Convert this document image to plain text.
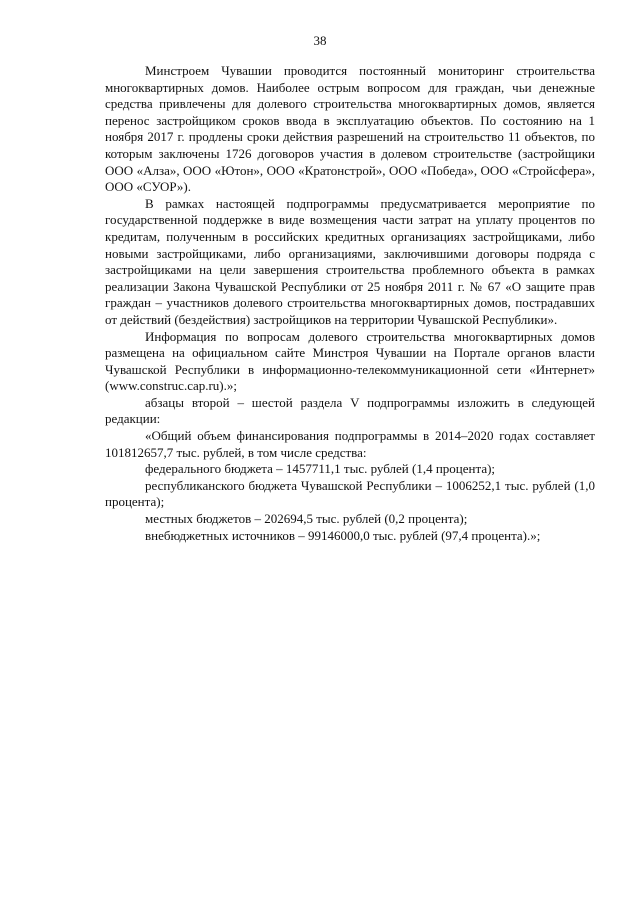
38

Минстроем Чувашии проводится постоянный мониторинг строительства многоквартирных домов. Наиболее острым вопросом для граждан, чьи денежные средства привлечены для долевого строительства многоквартирных домов, является перенос застройщиком сроков ввода в эксплуатацию объектов. По состоянию на 1 ноября 2017 г. продлены сроки действия разрешений на строительство 11 объектов, по которым заключены 1726 договоров участия в долевом строительстве (застройщики ООО «Алза», ООО «Ютон», ООО «Кратонстрой», ООО «Победа», ООО «Стройсфера», ООО «СУОР»).

В рамках настоящей подпрограммы предусматривается мероприятие по государственной поддержке в виде возмещения части затрат на уплату процентов по кредитам, полученным в российских кредитных организациях застройщиками, либо новыми застройщиками, либо организациями, заключившими договоры подряда с застройщиками на цели завершения строительства проблемного объекта в рамках реализации Закона Чувашской Республики от 25 ноября 2011 г. № 67 «О защите прав граждан – участников долевого строительства многоквартирных домов, пострадавших от действий (бездействия) застройщиков на территории Чувашской Республики».

Информация по вопросам долевого строительства многоквартирных домов размещена на официальном сайте Минстроя Чувашии на Портале органов власти Чувашской Республики в информационно-телекоммуникационной сети «Интернет» (www.construc.cap.ru).»;

абзацы второй – шестой раздела V подпрограммы изложить в следующей редакции:

«Общий объем финансирования подпрограммы в 2014–2020 годах составляет 101812657,7 тыс. рублей, в том числе средства:

федерального бюджета – 1457711,1 тыс. рублей (1,4 процента);

республиканского бюджета Чувашской Республики – 1006252,1 тыс. рублей (1,0 процента);

местных бюджетов – 202694,5 тыс. рублей (0,2 процента);

внебюджетных источников – 99146000,0 тыс. рублей (97,4 процента).»;
